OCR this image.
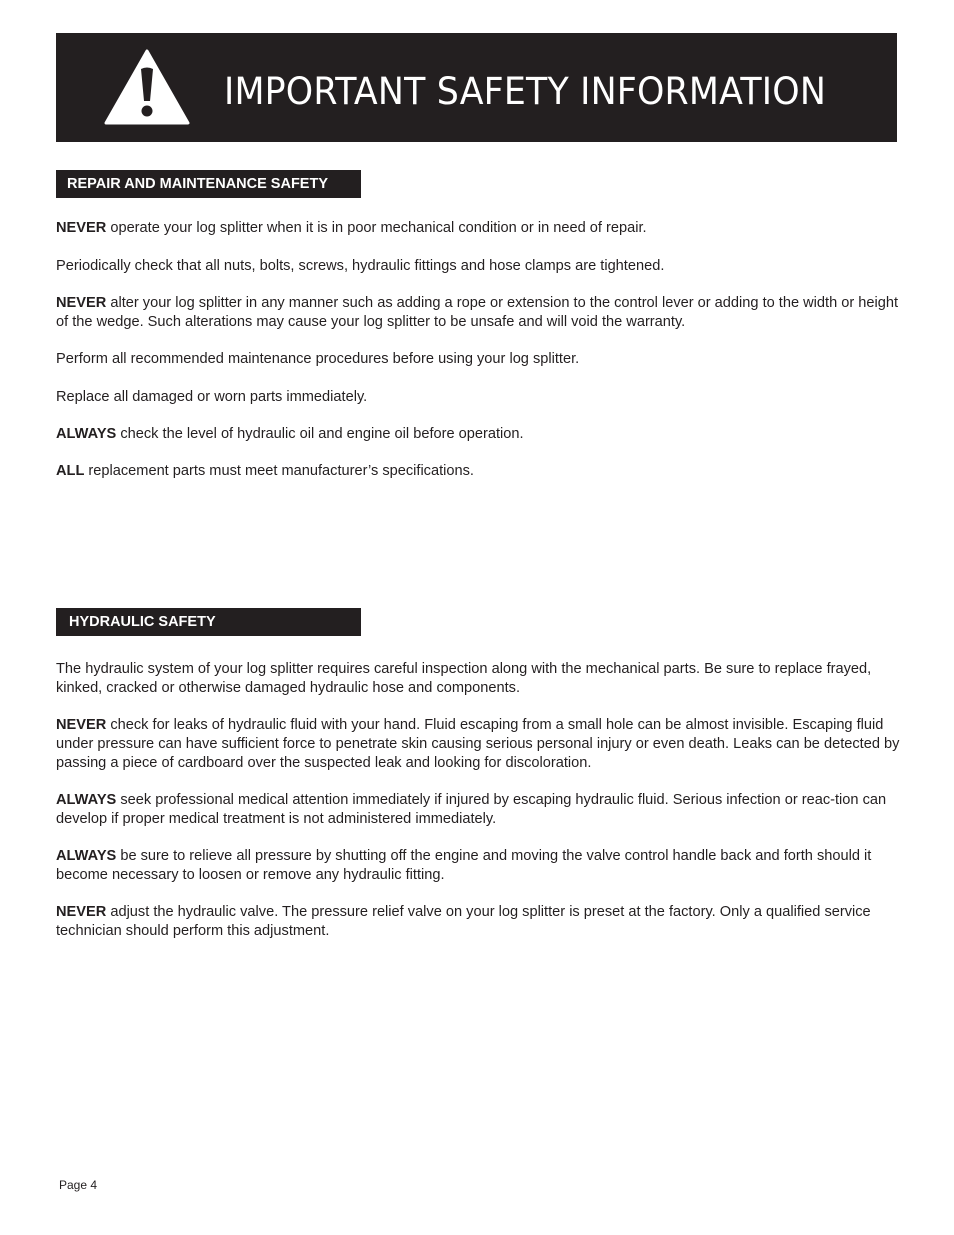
IMPORTANT SAFETY INFORMATION
REPAIR AND MAINTENANCE SAFETY

NEVER operate your log splitter when it is in poor mechanical condition or in need of repair.

Periodically check that all nuts, bolts, screws, hydraulic fittings and hose clamps are tightened.

NEVER alter your log splitter in any manner such as adding a rope or extension to the control lever or adding to the width or height of the wedge. Such alterations may cause your log splitter to be unsafe and will void the warranty.

Perform all recommended maintenance procedures before using your log splitter.

Replace all damaged or worn parts immediately.

ALWAYS check the level of hydraulic oil and engine oil before operation.

ALL replacement parts must meet manufacturer’s specifications.

HYDRAULIC SAFETY

The hydraulic system of your log splitter requires careful inspection along with the mechanical parts. Be sure to replace frayed, kinked, cracked or otherwise damaged hydraulic hose and components.

NEVER check for leaks of hydraulic fluid with your hand. Fluid escaping from a small hole can be almost invisible. Escaping fluid under pressure can have sufficient force to penetrate skin causing serious personal injury or even death. Leaks can be detected by passing a piece of cardboard over the suspected leak and looking for discoloration.

ALWAYS seek professional medical attention immediately if injured by escaping hydraulic fluid. Serious infection or reac-tion can develop if proper medical treatment is not administered immediately.

ALWAYS be sure to relieve all pressure by shutting off the engine and moving the valve control handle back and forth should it become necessary to loosen or remove any hydraulic fitting.

NEVER adjust the hydraulic valve. The pressure relief valve on your log splitter is preset at the factory. Only a qualified service technician should perform this adjustment.

Page 4
